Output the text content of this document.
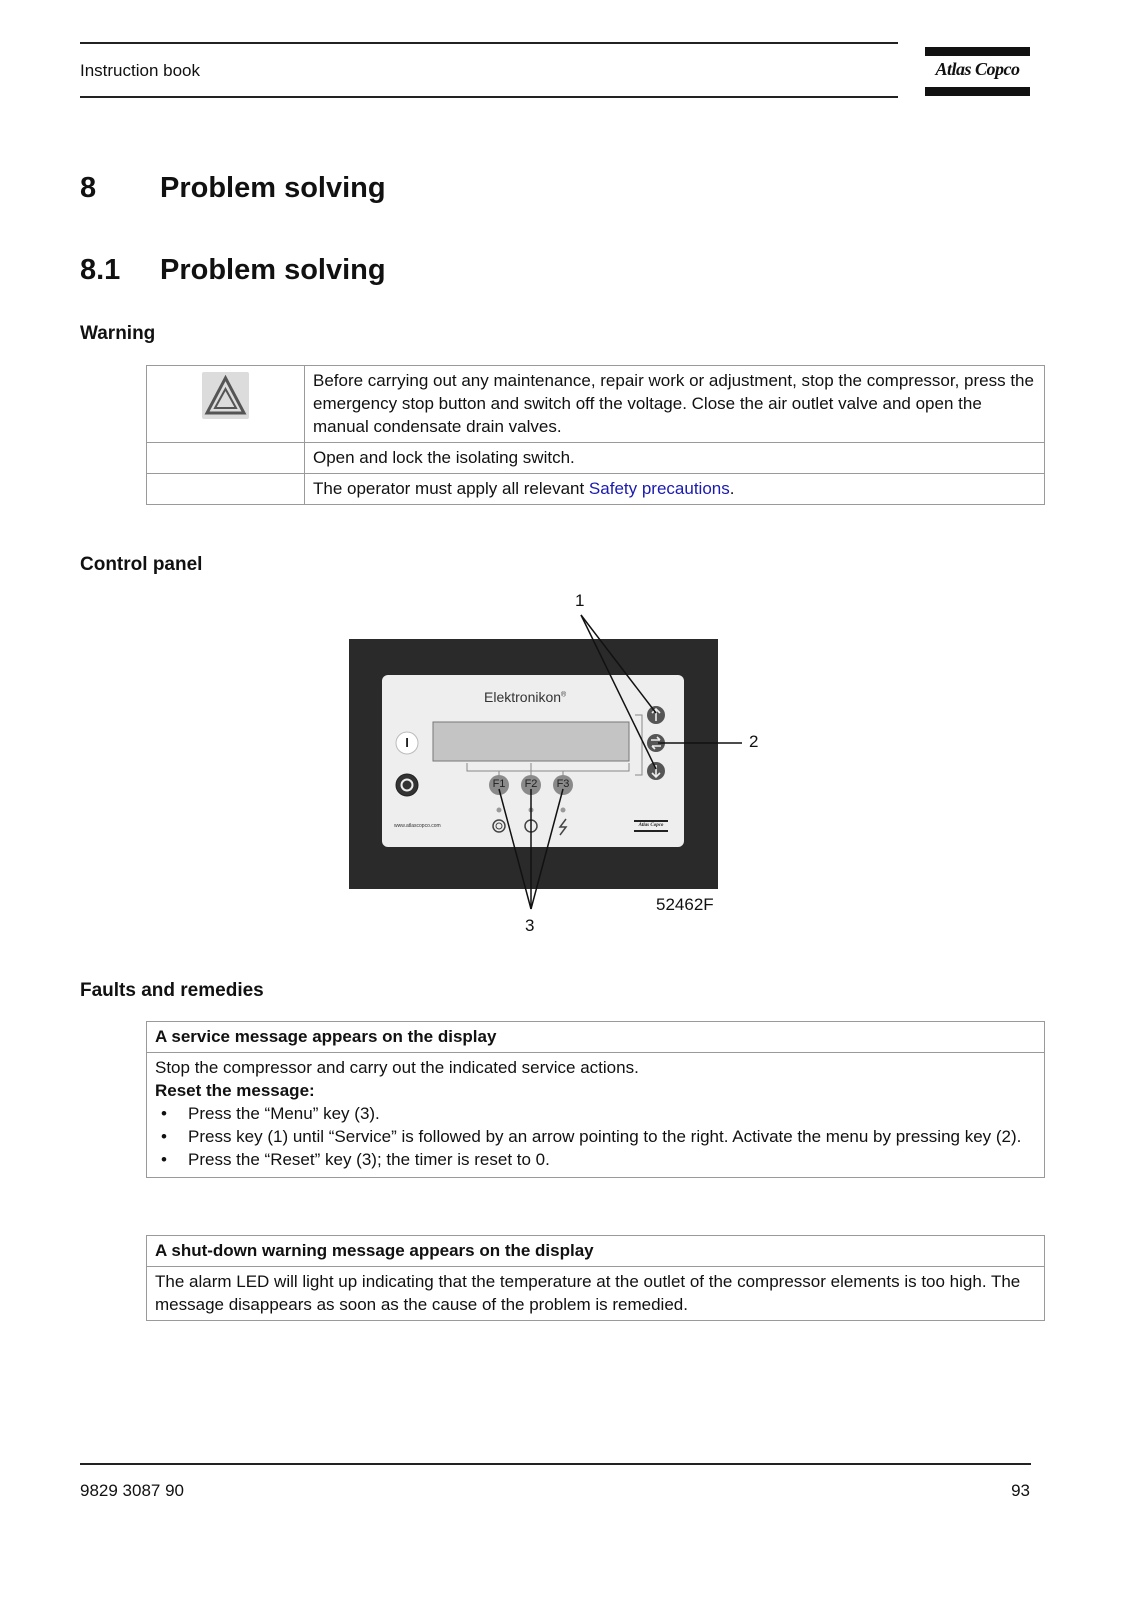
Instruction book	Atlas Copco
8 Problem solving
8.1 Problem solving
Warning
	Before carrying out any maintenance, repair work or adjustment, stop the compressor, press the emergency stop button and switch off the voltage. Close the air outlet valve and open the manual condensate drain valves.
	Open and lock the isolating switch.
	The operator must apply all relevant Safety precautions.
Control panel
Elektronikon®
I
F1	F2	F3
www.atlascopco.com	Atlas Copco
1
2
3
52462F
Faults and remedies
A service message appears on the display

Stop the compressor and carry out the indicated service actions.
Reset the message:
• Press the “Menu” key (3).
• Press key (1) until “Service” is followed by an arrow pointing to the right. Activate the menu by pressing key (2).
• Press the “Reset” key (3); the timer is reset to 0.
A shut-down warning message appears on the display
The alarm LED will light up indicating that the temperature at the outlet of the compressor elements is too high. The message disappears as soon as the cause of the problem is remedied.
9829 3087 90	93
